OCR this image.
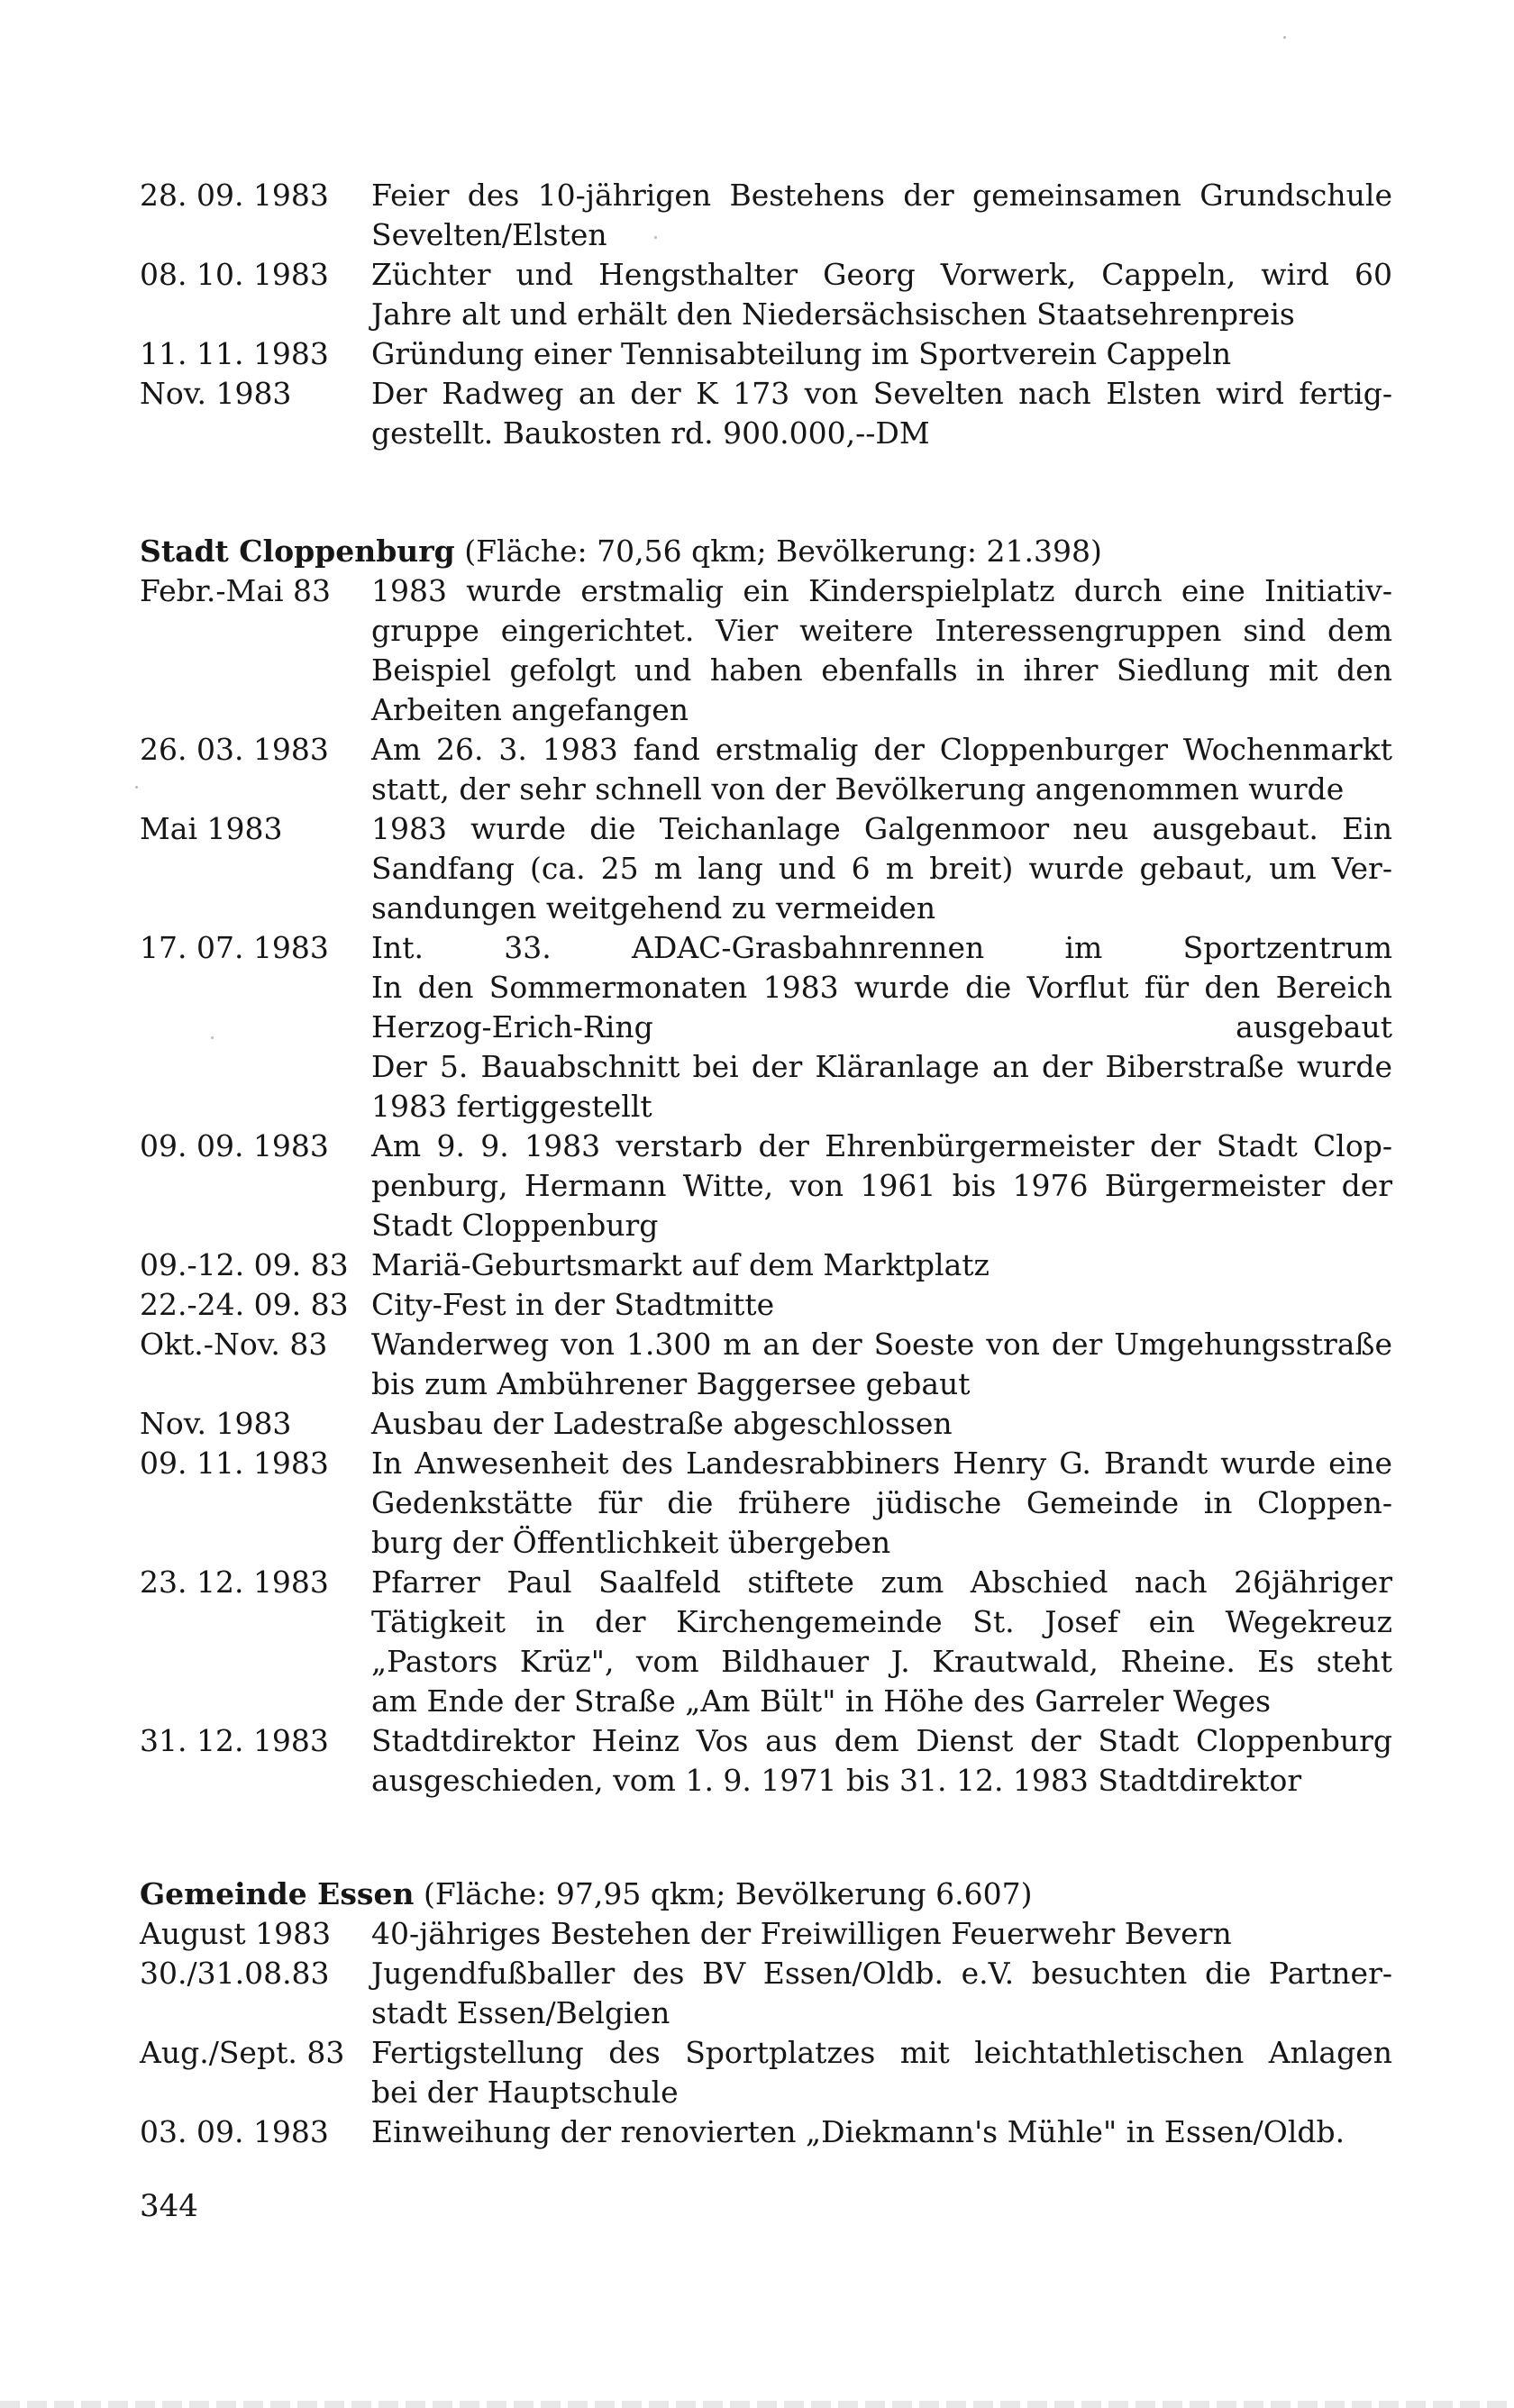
28. 09. 1983	Feier des 10-jährigen Bestehens der gemeinsamen Grundschule
Sevelten/Elsten
08. 10. 1983	Züchter und Hengsthalter Georg Vorwerk, Cappeln, wird 60
Jahre alt und erhält den Niedersächsischen Staatsehrenpreis
11. 11. 1983	Gründung einer Tennisabteilung im Sportverein Cappeln
Nov. 1983	Der Radweg an der K 173 von Sevelten nach Elsten wird fertig-
gestellt. Baukosten rd. 900.000,--DM
Stadt Cloppenburg (Fläche: 70,56 qkm; Bevölkerung: 21.398)
Febr.-Mai 83	1983 wurde erstmalig ein Kinderspielplatz durch eine Initiativ-
gruppe eingerichtet. Vier weitere Interessengruppen sind dem
Beispiel gefolgt und haben ebenfalls in ihrer Siedlung mit den
Arbeiten angefangen
26. 03. 1983	Am 26. 3. 1983 fand erstmalig der Cloppenburger Wochenmarkt
statt, der sehr schnell von der Bevölkerung angenommen wurde
Mai 1983	1983 wurde die Teichanlage Galgenmoor neu ausgebaut. Ein
Sandfang (ca. 25 m lang und 6 m breit) wurde gebaut, um Ver-
sandungen weitgehend zu vermeiden
17. 07. 1983	Int. 33. ADAC-Grasbahnrennen im Sportzentrum
In den Sommermonaten 1983 wurde die Vorflut für den Bereich
Herzog-Erich-Ring ausgebaut
Der 5. Bauabschnitt bei der Kläranlage an der Biberstraße wurde
1983 fertiggestellt
09. 09. 1983	Am 9. 9. 1983 verstarb der Ehrenbürgermeister der Stadt Clop-
penburg, Hermann Witte, von 1961 bis 1976 Bürgermeister der
Stadt Cloppenburg
09.-12. 09. 83 Mariä-Geburtsmarkt auf dem Marktplatz
22.-24. 09. 83 City-Fest in der Stadtmitte
Okt.-Nov. 83	Wanderweg von 1.300 m an der Soeste von der Umgehungsstraße
bis zum Ambührener Baggersee gebaut
Nov. 1983	Ausbau der Ladestraße abgeschlossen
09. 11. 1983	In Anwesenheit des Landesrabbiners Henry G. Brandt wurde eine
Gedenkstätte für die frühere jüdische Gemeinde in Cloppen-
burg der Öffentlichkeit übergeben
23. 12. 1983	Pfarrer Paul Saalfeld stiftete zum Abschied nach 26jähriger
Tätigkeit in der Kirchengemeinde St. Josef ein Wegekreuz
„Pastors Krüz", vom Bildhauer J. Krautwald, Rheine. Es steht
am Ende der Straße „Am Bült" in Höhe des Garreler Weges
31. 12. 1983	Stadtdirektor Heinz Vos aus dem Dienst der Stadt Cloppenburg
ausgeschieden, vom 1. 9. 1971 bis 31. 12. 1983 Stadtdirektor
Gemeinde Essen (Fläche: 97,95 qkm; Bevölkerung 6.607)
August 1983	40-jähriges Bestehen der Freiwilligen Feuerwehr Bevern
30./31.08.83	Jugendfußballer des BV Essen/Oldb. e.V. besuchten die Partner-
stadt Essen/Belgien
Aug./Sept. 83 Fertigstellung des Sportplatzes mit leichtathletischen Anlagen
bei der Hauptschule
03. 09. 1983	Einweihung der renovierten „Diekmann's Mühle" in Essen/Oldb.
344
